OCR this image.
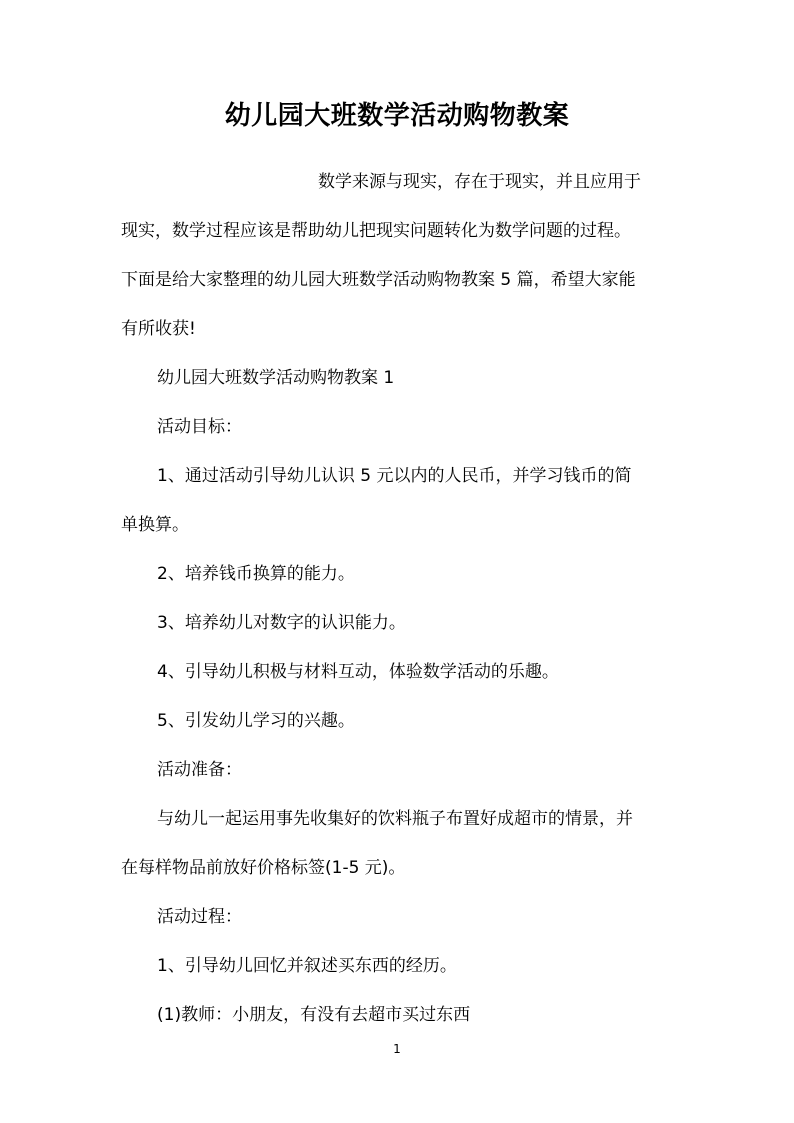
幼儿园大班数学活动购物教案

数学来源与现实，存在于现实，并且应用于

现实，数学过程应该是帮助幼儿把现实问题转化为数学问题的过程。

下面是给大家整理的幼儿园大班数学活动购物教案 5 篇，希望大家能

有所收获!

幼儿园大班数学活动购物教案 1

活动目标：

1、通过活动引导幼儿认识 5 元以内的人民币，并学习钱币的简

单换算。

2、培养钱币换算的能力。

3、培养幼儿对数字的认识能力。

4、引导幼儿积极与材料互动，体验数学活动的乐趣。

5、引发幼儿学习的兴趣。

活动准备：

与幼儿一起运用事先收集好的饮料瓶子布置好成超市的情景，并

在每样物品前放好价格标签(1-5 元)。

活动过程：

1、引导幼儿回忆并叙述买东西的经历。

(1)教师：小朋友，有没有去超市买过东西

1
